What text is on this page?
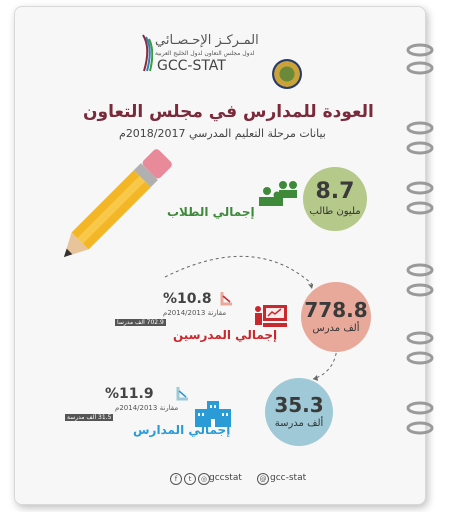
المـركـز الإحـصـائي
لدول مجلس التعاون لدول الخليج العربية
GCC-STAT
العودة للمدارس في مجلس التعاون
بيانات مرحلة التعليم المدرسي 2018/2017م
8.7
مليون طالب
إجمالي الطلاب
778.8
ألف مدرس
%10.8
مقارنة 2014/2013م
702.9 ألف مدرساً
إجمالي المدرسين
35.3
ألف مدرسة
%11.9
مقارنة 2014/2013م
31.5 ألف مدرسة
إجمالي المدارس
f	t	◎ gccstat	@ gcc-stat
